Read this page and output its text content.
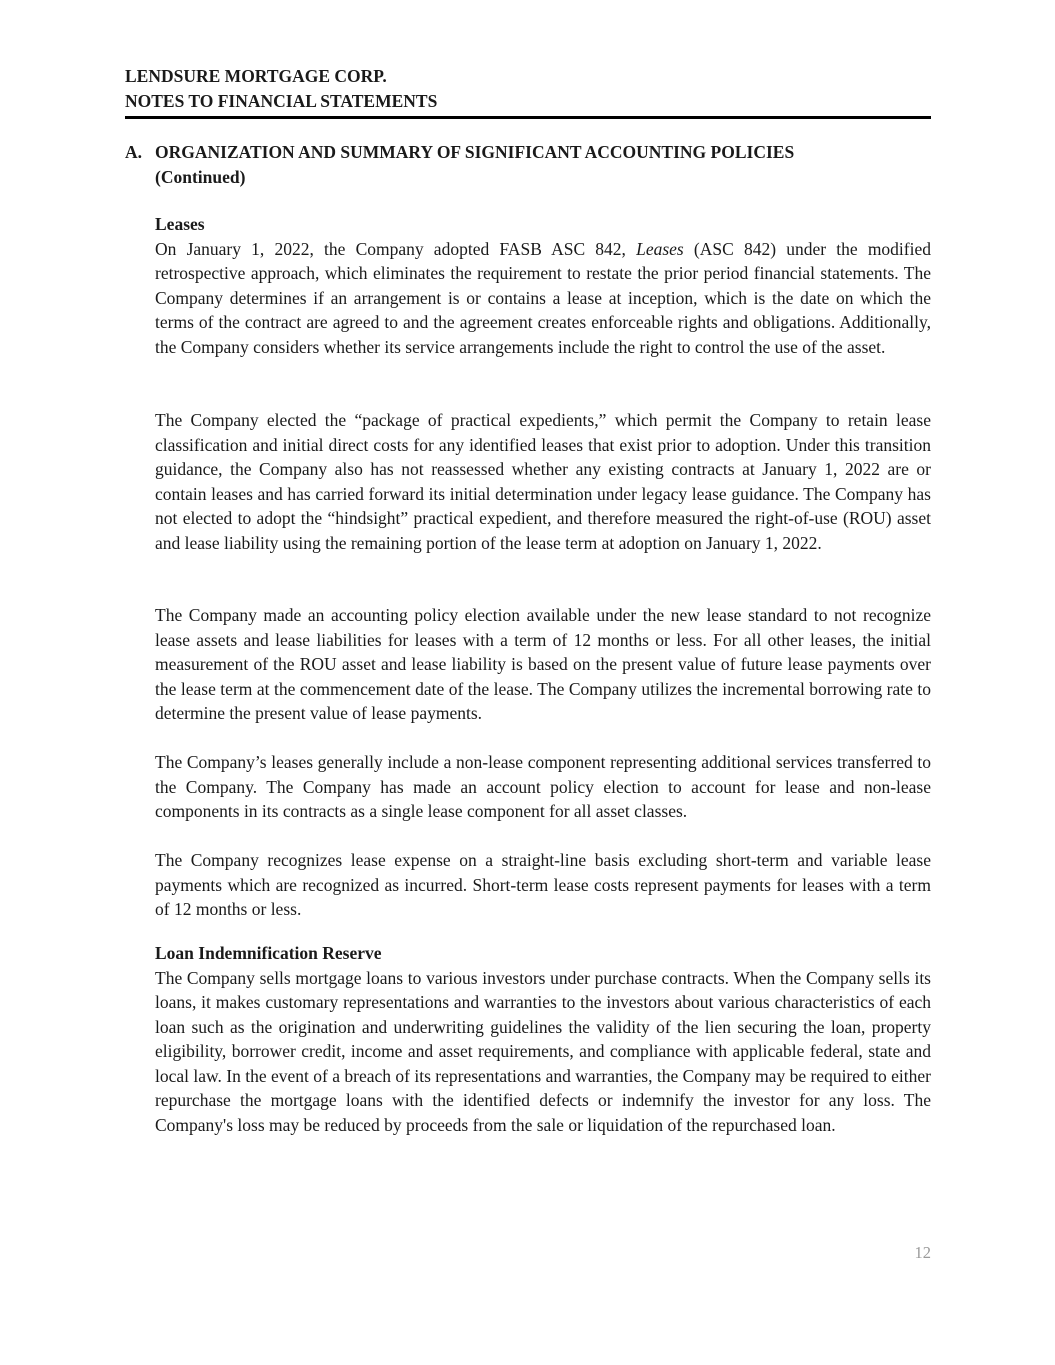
LENDSURE MORTGAGE CORP.
NOTES TO FINANCIAL STATEMENTS
A. ORGANIZATION AND SUMMARY OF SIGNIFICANT ACCOUNTING POLICIES
(Continued)
Leases

On January 1, 2022, the Company adopted FASB ASC 842, Leases (ASC 842) under the modified retrospective approach, which eliminates the requirement to restate the prior period financial statements. The Company determines if an arrangement is or contains a lease at inception, which is the date on which the terms of the contract are agreed to and the agreement creates enforceable rights and obligations. Additionally, the Company considers whether its service arrangements include the right to control the use of the asset.

The Company elected the “package of practical expedients,” which permit the Company to retain lease classification and initial direct costs for any identified leases that exist prior to adoption. Under this transition guidance, the Company also has not reassessed whether any existing contracts at January 1, 2022 are or contain leases and has carried forward its initial determination under legacy lease guidance. The Company has not elected to adopt the “hindsight” practical expedient, and therefore measured the right-of-use (ROU) asset and lease liability using the remaining portion of the lease term at adoption on January 1, 2022.

The Company made an accounting policy election available under the new lease standard to not recognize lease assets and lease liabilities for leases with a term of 12 months or less. For all other leases, the initial measurement of the ROU asset and lease liability is based on the present value of future lease payments over the lease term at the commencement date of the lease. The Company utilizes the incremental borrowing rate to determine the present value of lease payments.

The Company’s leases generally include a non-lease component representing additional services transferred to the Company. The Company has made an account policy election to account for lease and non-lease components in its contracts as a single lease component for all asset classes.

The Company recognizes lease expense on a straight-line basis excluding short-term and variable lease payments which are recognized as incurred. Short-term lease costs represent payments for leases with a term of 12 months or less.

Loan Indemnification Reserve

The Company sells mortgage loans to various investors under purchase contracts. When the Company sells its loans, it makes customary representations and warranties to the investors about various characteristics of each loan such as the origination and underwriting guidelines the validity of the lien securing the loan, property eligibility, borrower credit, income and asset requirements, and compliance with applicable federal, state and local law. In the event of a breach of its representations and warranties, the Company may be required to either repurchase the mortgage loans with the identified defects or indemnify the investor for any loss. The Company's loss may be reduced by proceeds from the sale or liquidation of the repurchased loan.

12
